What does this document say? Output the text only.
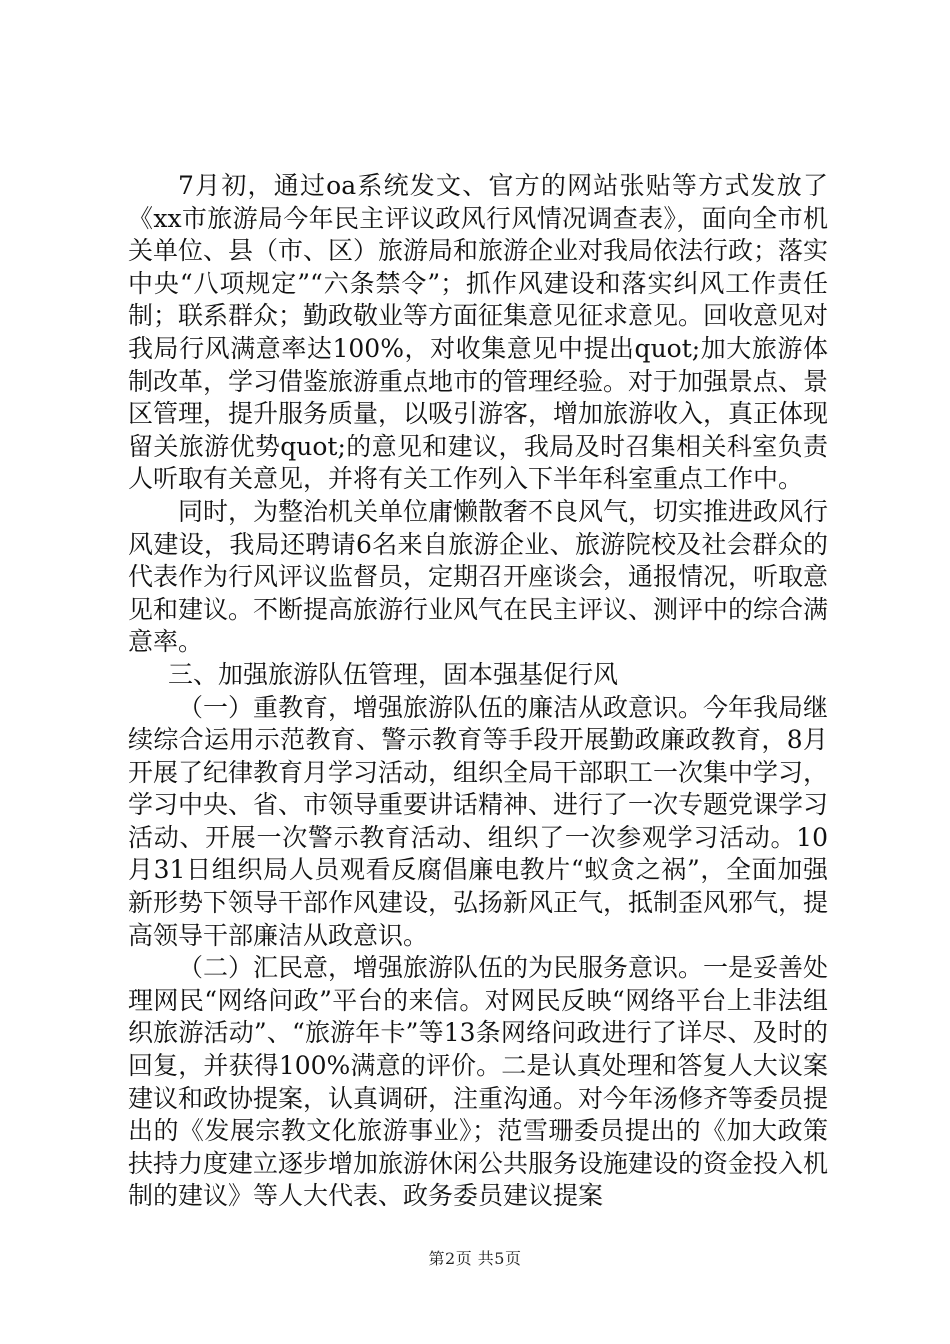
7月初，通过oa系统发文、官方的网站张贴等方式发放了《xx市旅游局今年民主评议政风行风情况调查表》，面向全市机关单位、县（市、区）旅游局和旅游企业对我局依法行政；落实中央“八项规定”“六条禁令”；抓作风建设和落实纠风工作责任制；联系群众；勤政敬业等方面征集意见征求意见。回收意见对我局行风满意率达100%，对收集意见中提出quot;加大旅游体制改革，学习借鉴旅游重点地市的管理经验。对于加强景点、景区管理，提升服务质量，以吸引游客，增加旅游收入，真正体现留关旅游优势quot;的意见和建议，我局及时召集相关科室负责人听取有关意见，并将有关工作列入下半年科室重点工作中。

同时，为整治机关单位庸懒散奢不良风气，切实推进政风行风建设，我局还聘请6名来自旅游企业、旅游院校及社会群众的代表作为行风评议监督员，定期召开座谈会，通报情况，听取意见和建议。不断提高旅游行业风气在民主评议、测评中的综合满意率。

三、加强旅游队伍管理，固本强基促行风

（一）重教育，增强旅游队伍的廉洁从政意识。今年我局继续综合运用示范教育、警示教育等手段开展勤政廉政教育，8月开展了纪律教育月学习活动，组织全局干部职工一次集中学习，学习中央、省、市领导重要讲话精神、进行了一次专题党课学习活动、开展一次警示教育活动、组织了一次参观学习活动。10月31日组织局人员观看反腐倡廉电教片“蚁贪之祸”，全面加强新形势下领导干部作风建设，弘扬新风正气，抵制歪风邪气，提高领导干部廉洁从政意识。

（二）汇民意，增强旅游队伍的为民服务意识。一是妥善处理网民“网络问政”平台的来信。对网民反映“网络平台上非法组织旅游活动”、“旅游年卡”等13条网络问政进行了详尽、及时的回复，并获得100%满意的评价。二是认真处理和答复人大议案建议和政协提案，认真调研，注重沟通。对今年汤修齐等委员提出的《发展宗教文化旅游事业》；范雪珊委员提出的《加大政策扶持力度建立逐步增加旅游休闲公共服务设施建设的资金投入机制的建议》等人大代表、政务委员建议提案

第2页 共5页
